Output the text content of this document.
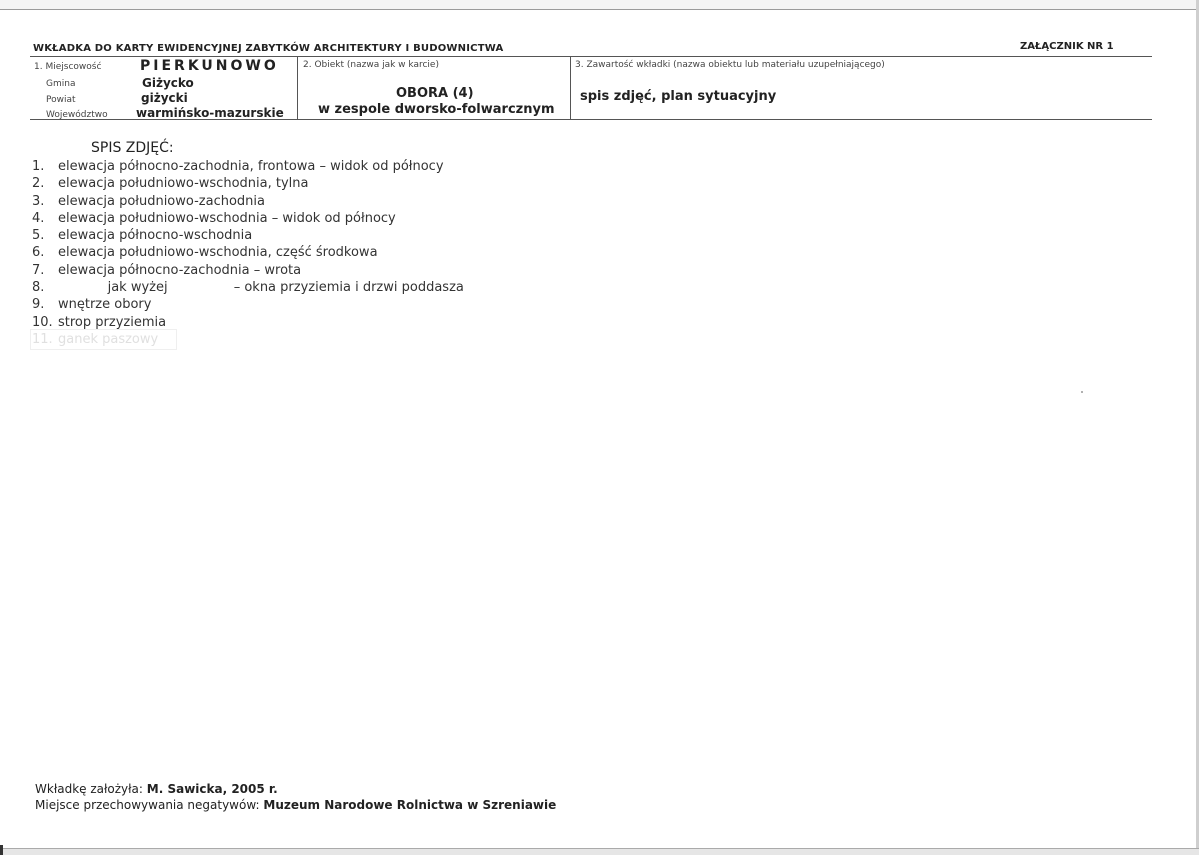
WKŁADKA DO KARTY EWIDENCYJNEJ ZABYTKÓW ARCHITEKTURY I BUDOWNICTWA	ZAŁĄCZNIK NR 1
1. Miejscowość	PIERKUNOWO
Gmina	Giżycko
Powiat	giżycki
Województwo warmińsko-mazurskie
2. Obiekt (nazwa jak w karcie)
OBORA (4)
w zespole dworsko-folwarcznym
3. Zawartość wkładki (nazwa obiektu lub materiału uzupełniającego)
spis zdjęć, plan sytuacyjny
SPIS ZDJĘĆ:
1. elewacja północno-zachodnia, frontowa – widok od północy
2. elewacja południowo-wschodnia, tylna
3. elewacja południowo-zachodnia
4. elewacja południowo-wschodnia – widok od północy
5. elewacja północno-wschodnia
6. elewacja południowo-wschodnia, część środkowa
7. elewacja północno-zachodnia – wrota
8.            jak wyżej                – okna przyziemia i drzwi poddasza
9. wnętrze obory
10. strop przyziemia
11. ganek paszowy
Wkładkę założyła: M. Sawicka, 2005 r.
Miejsce przechowywania negatywów: Muzeum Narodowe Rolnictwa w Szreniawie
